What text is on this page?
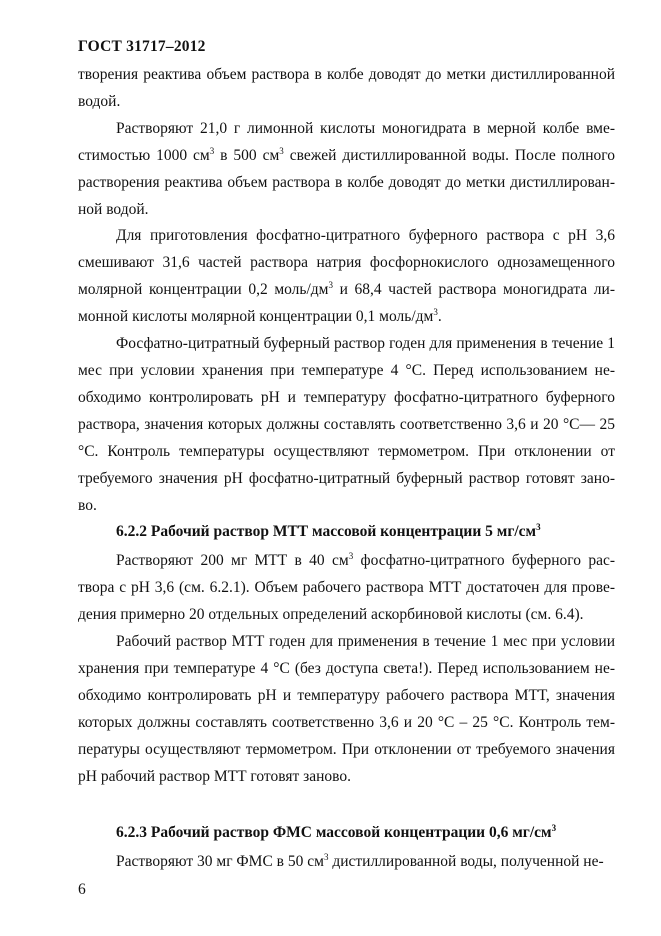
ГОСТ 31717–2012

творения реактива объем раствора в колбе доводят до метки дистиллированной водой.

Растворяют 21,0 г лимонной кислоты моногидрата в мерной колбе вме-стимостью 1000 $см^3$ в 500 $см^3$ свежей дистиллированной воды. После полного растворения реактива объем раствора в колбе доводят до метки дистиллирован-ной водой.

Для приготовления фосфатно-цитратного буферного раствора с pH 3,6 смешивают 31,6 частей раствора натрия фосфорнокислого однозамещенного молярной концентрации 0,2 моль/$дм^3$ и 68,4 частей раствора моногидрата ли-монной кислоты молярной концентрации 0,1 моль/$дм^3$.

Фосфатно-цитратный буферный раствор годен для применения в течение 1 мес при условии хранения при температуре 4 °С. Перед использованием не-обходимо контролировать pH и температуру фосфатно-цитратного буферного раствора, значения которых должны составлять соответственно 3,6 и 20 °С— 25 °С. Контроль температуры осуществляют термометром. При отклонении от требуемого значения pH фосфатно-цитратный буферный раствор готовят зано-во.

6.2.2 Рабочий раствор МТТ массовой концентрации 5 $мг/см^3$

Растворяют 200 мг МТТ в 40 $см^3$ фосфатно-цитратного буферного рас-твора с pH 3,6 (см. 6.2.1). Объем рабочего раствора МТТ достаточен для прове-дения примерно 20 отдельных определений аскорбиновой кислоты (см. 6.4).

Рабочий раствор МТТ годен для применения в течение 1 мес при условии хранения при температуре 4 °С (без доступа света!). Перед использованием не-обходимо контролировать pH и температуру рабочего раствора МТТ, значения которых должны составлять соответственно 3,6 и 20 °С – 25 °С. Контроль тем-пературы осуществляют термометром. При отклонении от требуемого значения pH рабочий раствор МТТ готовят заново.

6.2.3 Рабочий раствор ФМС массовой концентрации 0,6 $мг/см^3$

Растворяют 30 мг ФМС в 50 $см^3$ дистиллированной воды, полученной не-

6
